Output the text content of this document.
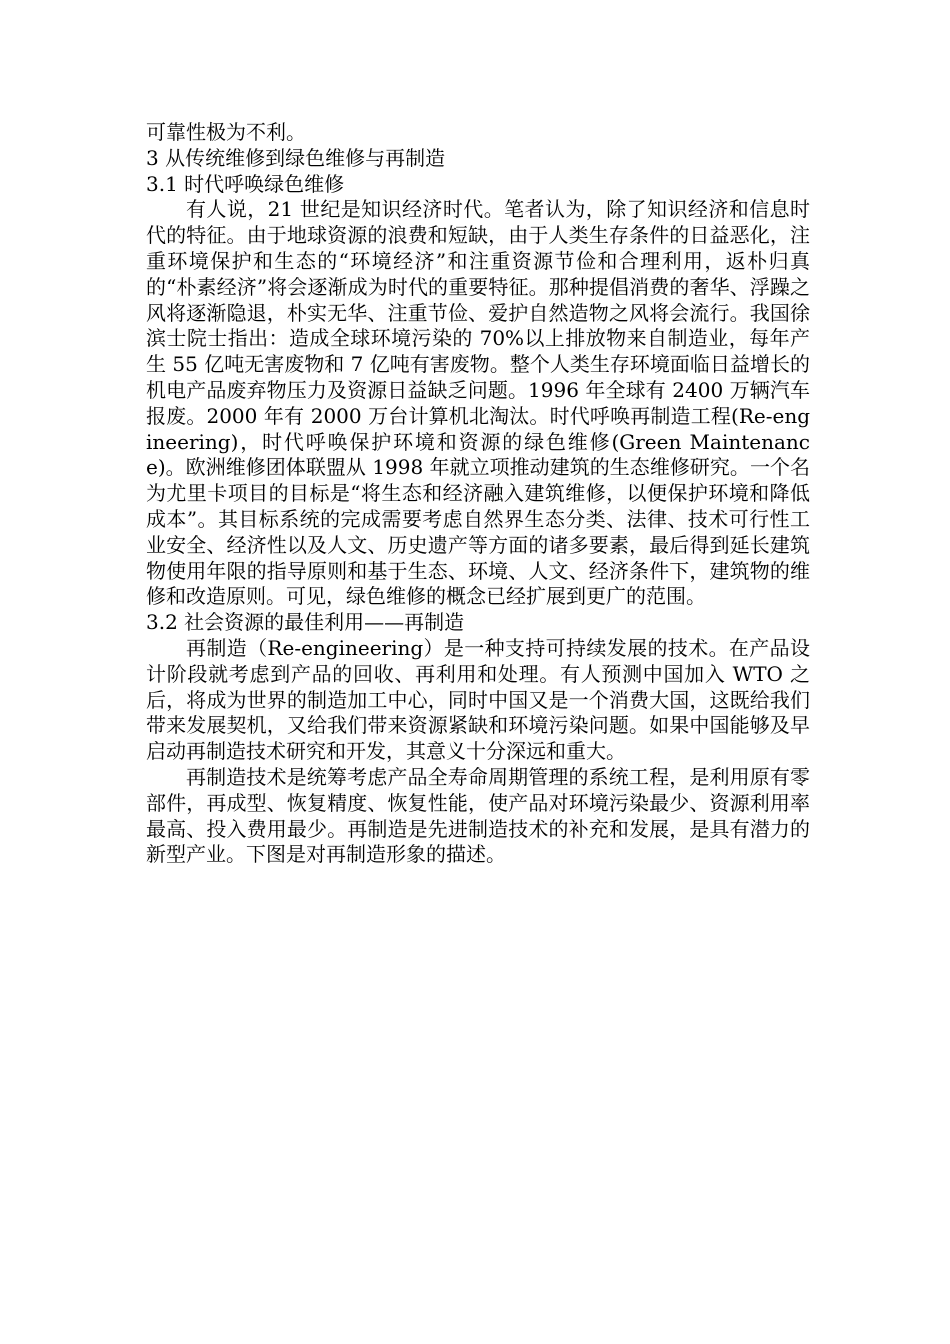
可靠性极为不利。

3 从传统维修到绿色维修与再制造

3.1 时代呼唤绿色维修

有人说，21 世纪是知识经济时代。笔者认为，除了知识经济和信息时代的特征。由于地球资源的浪费和短缺，由于人类生存条件的日益恶化，注重环境保护和生态的“环境经济”和注重资源节俭和合理利用，返朴归真的“朴素经济”将会逐渐成为时代的重要特征。那种提倡消费的奢华、浮躁之风将逐渐隐退，朴实无华、注重节俭、爱护自然造物之风将会流行。我国徐滨士院士指出：造成全球环境污染的 70%以上排放物来自制造业，每年产生 55 亿吨无害废物和 7 亿吨有害废物。整个人类生存环境面临日益增长的机电产品废弃物压力及资源日益缺乏问题。1996 年全球有 2400 万辆汽车报废。2000 年有 2000 万台计算机北淘汰。时代呼唤再制造工程(Re-engineering)，时代呼唤保护环境和资源的绿色维修(Green Maintenance)。欧洲维修团体联盟从 1998 年就立项推动建筑的生态维修研究。一个名为尤里卡项目的目标是“将生态和经济融入建筑维修，以便保护环境和降低成本”。其目标系统的完成需要考虑自然界生态分类、法律、技术可行性工业安全、经济性以及人文、历史遗产等方面的诸多要素，最后得到延长建筑物使用年限的指导原则和基于生态、环境、人文、经济条件下，建筑物的维修和改造原则。可见，绿色维修的概念已经扩展到更广的范围。

3.2 社会资源的最佳利用——再制造

再制造（Re-engineering）是一种支持可持续发展的技术。在产品设计阶段就考虑到产品的回收、再利用和处理。有人预测中国加入 WTO 之后，将成为世界的制造加工中心，同时中国又是一个消费大国，这既给我们带来发展契机，又给我们带来资源紧缺和环境污染问题。如果中国能够及早启动再制造技术研究和开发，其意义十分深远和重大。

再制造技术是统筹考虑产品全寿命周期管理的系统工程，是利用原有零部件，再成型、恢复精度、恢复性能，使产品对环境污染最少、资源利用率最高、投入费用最少。再制造是先进制造技术的补充和发展，是具有潜力的新型产业。下图是对再制造形象的描述。
